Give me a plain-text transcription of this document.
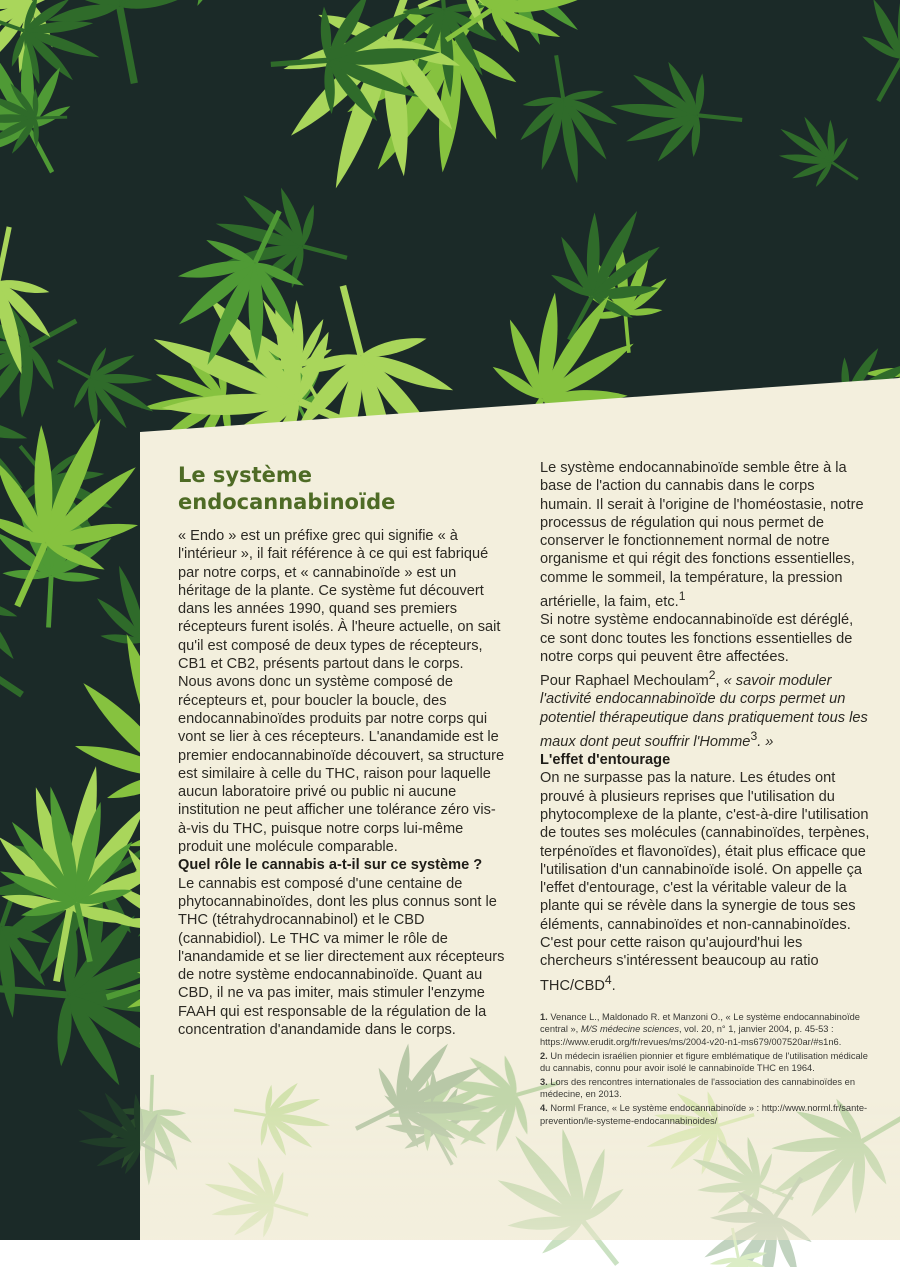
Le système
endocannabinoïde

« Endo » est un préfixe grec qui signifie « à l'intérieur », il fait référence à ce qui est fabriqué par notre corps, et « cannabinoïde » est un héritage de la plante. Ce système fut découvert dans les années 1990, quand ses premiers récepteurs furent isolés. À l'heure actuelle, on sait qu'il est composé de deux types de récepteurs, CB1 et CB2, présents partout dans le corps.

Nous avons donc un système composé de récepteurs et, pour boucler la boucle, des endocannabinoïdes produits par notre corps qui vont se lier à ces récepteurs. L'anandamide est le premier endocannabinoïde découvert, sa structure est similaire à celle du THC, raison pour laquelle aucun laboratoire privé ou public ni aucune institution ne peut afficher une tolérance zéro vis-à-vis du THC, puisque notre corps lui-même produit une molécule comparable.

Quel rôle le cannabis a-t-il sur ce système ?

Le cannabis est composé d'une centaine de phytocannabinoïdes, dont les plus connus sont le THC (tétrahydrocannabinol) et le CBD (cannabidiol). Le THC va mimer le rôle de l'anandamide et se lier directement aux récepteurs de notre système endocannabinoïde. Quant au CBD, il ne va pas imiter, mais stimuler l'enzyme FAAH qui est responsable de la régulation de la concentration d'anandamide dans le corps.

Le système endocannabinoïde semble être à la base de l'action du cannabis dans le corps humain. Il serait à l'origine de l'homéostasie, notre processus de régulation qui nous permet de conserver le fonctionnement normal de notre organisme et qui régit des fonctions essentielles, comme le sommeil, la température, la pression artérielle, la faim, etc.$^1$

Si notre système endocannabinoïde est déréglé, ce sont donc toutes les fonctions essentielles de notre corps qui peuvent être affectées.

Pour Raphael Mechoulam$^2$, « savoir moduler l'activité endocannabinoïde du corps permet un potentiel thérapeutique dans pratiquement tous les maux dont peut souffrir l'Homme$^3$. »

L'effet d'entourage

On ne surpasse pas la nature. Les études ont prouvé à plusieurs reprises que l'utilisation du phytocomplexe de la plante, c'est-à-dire l'utilisation de toutes ses molécules (cannabinoïdes, terpènes, terpénoïdes et flavonoïdes), était plus efficace que l'utilisation d'un cannabinoïde isolé. On appelle ça l'effet d'entourage, c'est la véritable valeur de la plante qui se révèle dans la synergie de tous ses éléments, cannabinoïdes et non-cannabinoïdes. C'est pour cette raison qu'aujourd'hui les chercheurs s'intéressent beaucoup au ratio THC/CBD$^4$.

1. Venance L., Maldonado R. et Manzoni O., « Le système endocannabinoïde central », M/S médecine sciences, vol. 20, n° 1, janvier 2004, p. 45-53 : https://www.erudit.org/fr/revues/ms/2004-v20-n1-ms679/007520ar/#s1n6.
2. Un médecin israélien pionnier et figure emblématique de l'utilisation médicale du cannabis, connu pour avoir isolé le cannabinoïde THC en 1964.
3. Lors des rencontres internationales de l'association des cannabinoïdes en médecine, en 2013.
4. Norml France, « Le système endocannabinoïde » : http://www.norml.fr/sante-prevention/le-systeme-endocannabinoides/
